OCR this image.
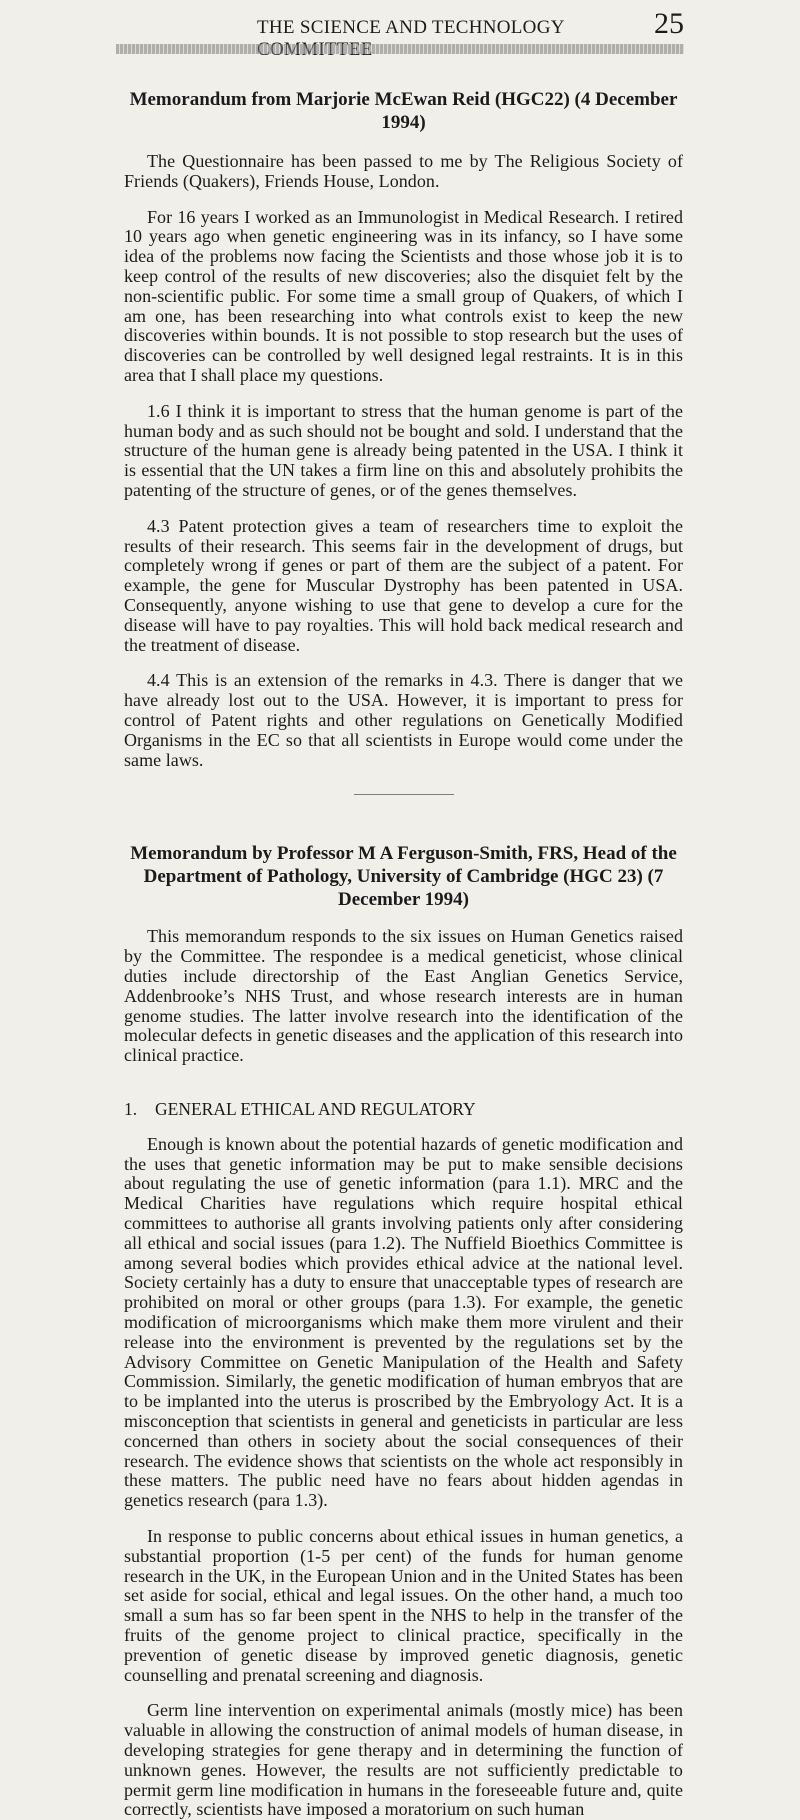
THE SCIENCE AND TECHNOLOGY	25
Memorandum from Marjorie McEwan Reid (HGC22) (4 December 1994)

The Questionnaire has been passed to me by The Religious Society of Friends (Quakers), Friends House, London.

For 16 years I worked as an Immunologist in Medical Research. I retired 10 years ago when genetic engineering was in its infancy, so I have some idea of the problems now facing the Scientists and those whose job it is to keep control of the results of new discoveries; also the disquiet felt by the non-scientific public. For some time a small group of Quakers, of which I am one, has been researching into what controls exist to keep the new discoveries within bounds. It is not possible to stop research but the uses of discoveries can be controlled by well designed legal restraints. It is in this area that I shall place my questions.

1.6 I think it is important to stress that the human genome is part of the human body and as such should not be bought and sold. I understand that the structure of the human gene is already being patented in the USA. I think it is essential that the UN takes a firm line on this and absolutely prohibits the patenting of the structure of genes, or of the genes themselves.

4.3 Patent protection gives a team of researchers time to exploit the results of their research. This seems fair in the development of drugs, but completely wrong if genes or part of them are the subject of a patent. For example, the gene for Muscular Dystrophy has been patented in USA. Consequently, anyone wishing to use that gene to develop a cure for the disease will have to pay royalties. This will hold back medical research and the treatment of disease.

4.4 This is an extension of the remarks in 4.3. There is danger that we have already lost out to the USA. However, it is important to press for control of Patent rights and other regulations on Genetically Modified Organisms in the EC so that all scientists in Europe would come under the same laws.

Memorandum by Professor M A Ferguson-Smith, FRS, Head of the Department of Pathology, University of Cambridge (HGC 23) (7 December 1994)

This memorandum responds to the six issues on Human Genetics raised by the Committee. The respondee is a medical geneticist, whose clinical duties include directorship of the East Anglian Genetics Service, Addenbrooke’s NHS Trust, and whose research interests are in human genome studies. The latter involve research into the identification of the molecular defects in genetic diseases and the application of this research into clinical practice.

1. GENERAL ETHICAL AND REGULATORY

Enough is known about the potential hazards of genetic modification and the uses that genetic information may be put to make sensible decisions about regulating the use of genetic information (para 1.1). MRC and the Medical Charities have regulations which require hospital ethical committees to authorise all grants involving patients only after considering all ethical and social issues (para 1.2). The Nuffield Bioethics Committee is among several bodies which provides ethical advice at the national level. Society certainly has a duty to ensure that unacceptable types of research are prohibited on moral or other groups (para 1.3). For example, the genetic modification of microorganisms which make them more virulent and their release into the environment is prevented by the regulations set by the Advisory Committee on Genetic Manipulation of the Health and Safety Commission. Similarly, the genetic modification of human embryos that are to be implanted into the uterus is proscribed by the Embryology Act. It is a misconception that scientists in general and geneticists in particular are less concerned than others in society about the social consequences of their research. The evidence shows that scientists on the whole act responsibly in these matters. The public need have no fears about hidden agendas in genetics research (para 1.3).

In response to public concerns about ethical issues in human genetics, a substantial proportion (1-5 per cent) of the funds for human genome research in the UK, in the European Union and in the United States has been set aside for social, ethical and legal issues. On the other hand, a much too small a sum has so far been spent in the NHS to help in the transfer of the fruits of the genome project to clinical practice, specifically in the prevention of genetic disease by improved genetic diagnosis, genetic counselling and prenatal screening and diagnosis.

Germ line intervention on experimental animals (mostly mice) has been valuable in allowing the construction of animal models of human disease, in developing strategies for gene therapy and in determining the function of unknown genes. However, the results are not sufficiently predictable to permit germ line modification in humans in the foreseeable future and, quite correctly, scientists have imposed a moratorium on such human
